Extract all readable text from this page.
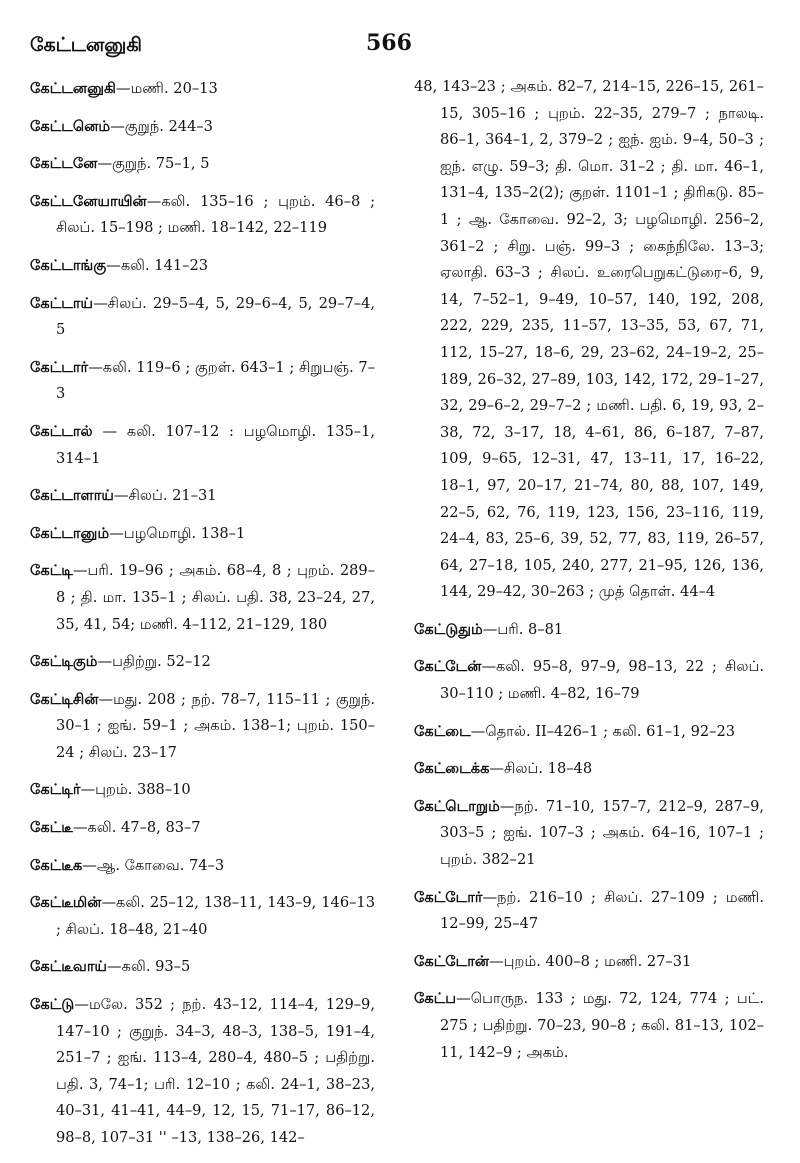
கேட்டனனுகி	566

கேட்டனனுகி—மணி. 20–13

கேட்டனெம்—குறுந். 244–3

கேட்டனே—குறுந். 75–1, 5

கேட்டனேயாயின்—கலி. 135–16 ; புறம். 46–8 ; சிலப். 15–198 ; மணி. 18–142, 22–119

கேட்டாங்கு—கலி. 141–23

கேட்டாய்—சிலப். 29–5–4, 5, 29–6–4, 5, 29–7–4, 5

கேட்டார்—கலி. 119–6 ; குறள். 643–1 ; சிறுபஞ். 7–3

கேட்டால் — கலி. 107–12 : பழமொழி. 135–1, 314–1

கேட்டாளாய்—சிலப். 21–31

கேட்டானும்—பழமொழி. 138–1

கேட்டி—பரி. 19–96 ; அகம். 68–4, 8 ; புறம். 289–8 ; தி. மா. 135–1 ; சிலப். பதி. 38, 23–24, 27, 35, 41, 54; மணி. 4–112, 21–129, 180

கேட்டிகும்—பதிற்று. 52–12

கேட்டிசின்—மது. 208 ; நற். 78–7, 115–11 ; குறுந். 30–1 ; ஐங். 59–1 ; அகம். 138–1; புறம். 150–24 ; சிலப். 23–17

கேட்டிர்—புறம். 388–10

கேட்டீ—கலி. 47–8, 83–7

கேட்டீக—ஆ. கோவை. 74–3

கேட்டீமின்—கலி. 25–12, 138–11, 143–9, 146–13 ; சிலப். 18–48, 21–40

கேட்டீவாய்—கலி. 93–5

கேட்டு—மலே. 352 ; நற். 43–12, 114–4, 129–9, 147–10 ; குறுந். 34–3, 48–3, 138–5, 191–4, 251–7 ; ஐங். 113–4, 280–4, 480–5 ; பதிற்று. பதி. 3, 74–1; பரி. 12–10 ; கலி. 24–1, 38–23, 40–31, 41–41, 44–9, 12, 15, 71–17, 86–12, 98–8, 107–31 '' –13, 138–26, 142–

48, 143–23 ; அகம். 82–7, 214–15, 226–15, 261–15, 305–16 ; புறம். 22–35, 279–7 ; நாலடி. 86–1, 364–1, 2, 379–2 ; ஐந். ஐம். 9–4, 50–3 ; ஐந். எழு. 59–3; தி. மொ. 31–2 ; தி. மா. 46–1, 131–4, 135–2(2); குறள். 1101–1 ; திரிகடு. 85–1 ; ஆ. கோவை. 92–2, 3; பழமொழி. 256–2, 361–2 ; சிறு. பஞ். 99–3 ; கைந்நிலே. 13–3; ஏலாதி. 63–3 ; சிலப். உரைபெறுகட்டுரை–6, 9, 14, 7–52–1, 9–49, 10–57, 140, 192, 208, 222, 229, 235, 11–57, 13–35, 53, 67, 71, 112, 15–27, 18–6, 29, 23–62, 24–19–2, 25–189, 26–32, 27–89, 103, 142, 172, 29–1–27, 32, 29–6–2, 29–7–2 ; மணி. பதி. 6, 19, 93, 2–38, 72, 3–17, 18, 4–61, 86, 6–187, 7–87, 109, 9–65, 12–31, 47, 13–11, 17, 16–22, 18–1, 97, 20–17, 21–74, 80, 88, 107, 149, 22–5, 62, 76, 119, 123, 156, 23–116, 119, 24–4, 83, 25–6, 39, 52, 77, 83, 119, 26–57, 64, 27–18, 105, 240, 277, 21–95, 126, 136, 144, 29–42, 30–263 ; முத் தொள். 44–4

கேட்டுதும்—பரி. 8–81

கேட்டேன்—கலி. 95–8, 97–9, 98–13, 22 ; சிலப். 30–110 ; மணி. 4–82, 16–79

கேட்டை—தொல். II–426–1 ; கலி. 61–1, 92–23

கேட்டைக்க—சிலப். 18–48

கேட்டொறும்—நற். 71–10, 157–7, 212–9, 287–9, 303–5 ; ஐங். 107–3 ; அகம். 64–16, 107–1 ; புறம். 382–21

கேட்டோர்—நற். 216–10 ; சிலப். 27–109 ; மணி. 12–99, 25–47

கேட்டோன்—புறம். 400–8 ; மணி. 27–31

கேட்ப—பொருந. 133 ; மது. 72, 124, 774 ; பட். 275 ; பதிற்று. 70–23, 90–8 ; கலி. 81–13, 102–11, 142–9 ; அகம்.
